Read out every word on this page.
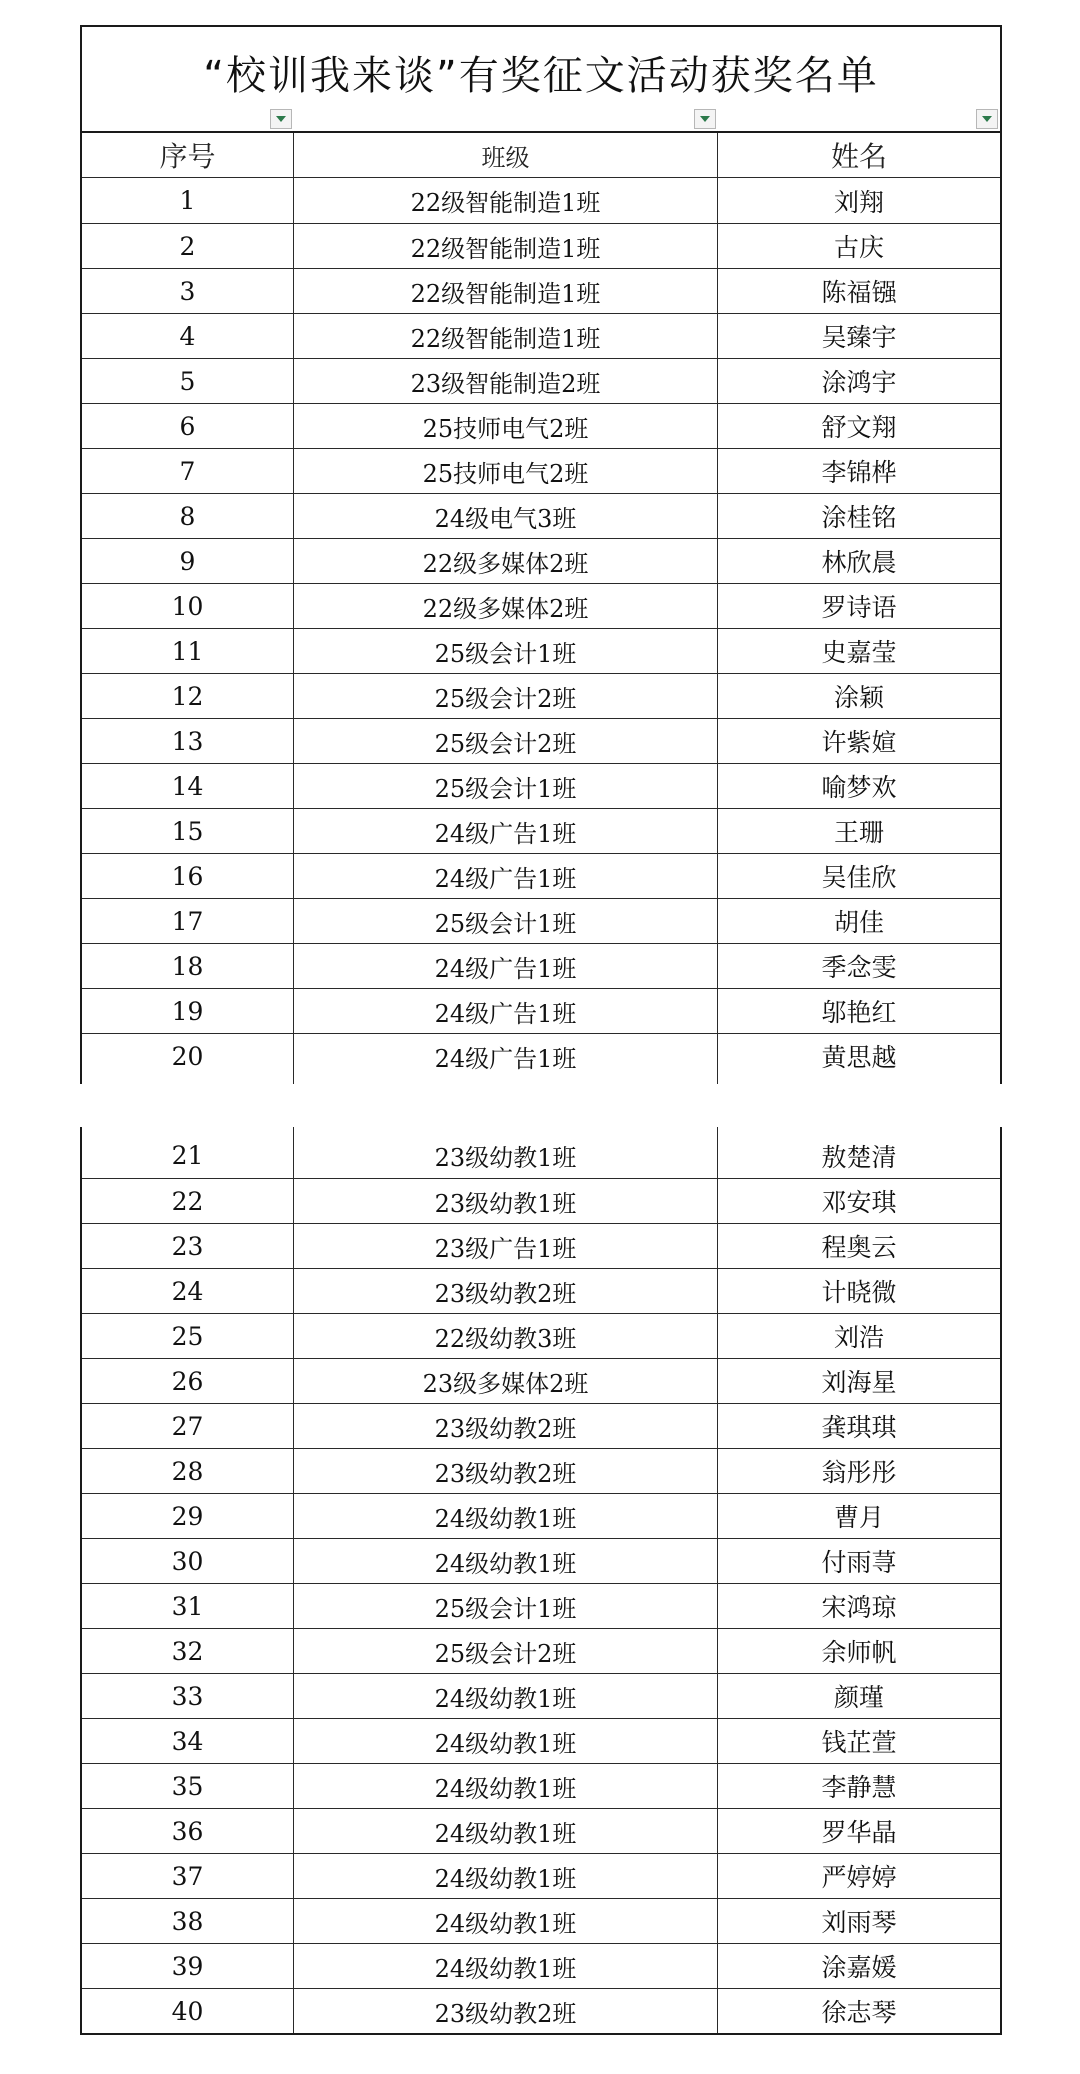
“校训我来谈”有奖征文活动获奖名单
序号	班级	姓名
1	22级智能制造1班	刘翔
2	22级智能制造1班	古庆
3	22级智能制造1班	陈福镪
4	22级智能制造1班	吴臻宇
5	23级智能制造2班	涂鸿宇
6	25技师电气2班	舒文翔
7	25技师电气2班	李锦桦
8	24级电气3班	涂桂铭
9	22级多媒体2班	林欣晨
10	22级多媒体2班	罗诗语
11	25级会计1班	史嘉莹
12	25级会计2班	涂颖
13	25级会计2班	许紫媗
14	25级会计1班	喻梦欢
15	24级广告1班	王珊
16	24级广告1班	吴佳欣
17	25级会计1班	胡佳
18	24级广告1班	季念雯
19	24级广告1班	邬艳红
20	24级广告1班	黄思越
21	23级幼教1班	敖楚清
22	23级幼教1班	邓安琪
23	23级广告1班	程奥云
24	23级幼教2班	计晓微
25	22级幼教3班	刘浩
26	23级多媒体2班	刘海星
27	23级幼教2班	龚琪琪
28	23级幼教2班	翁彤彤
29	24级幼教1班	曹月
30	24级幼教1班	付雨荨
31	25级会计1班	宋鸿琼
32	25级会计2班	余师帆
33	24级幼教1班	颜瑾
34	24级幼教1班	钱芷萱
35	24级幼教1班	李静慧
36	24级幼教1班	罗华晶
37	24级幼教1班	严婷婷
38	24级幼教1班	刘雨琴
39	24级幼教1班	涂嘉媛
40	23级幼教2班	徐志琴
